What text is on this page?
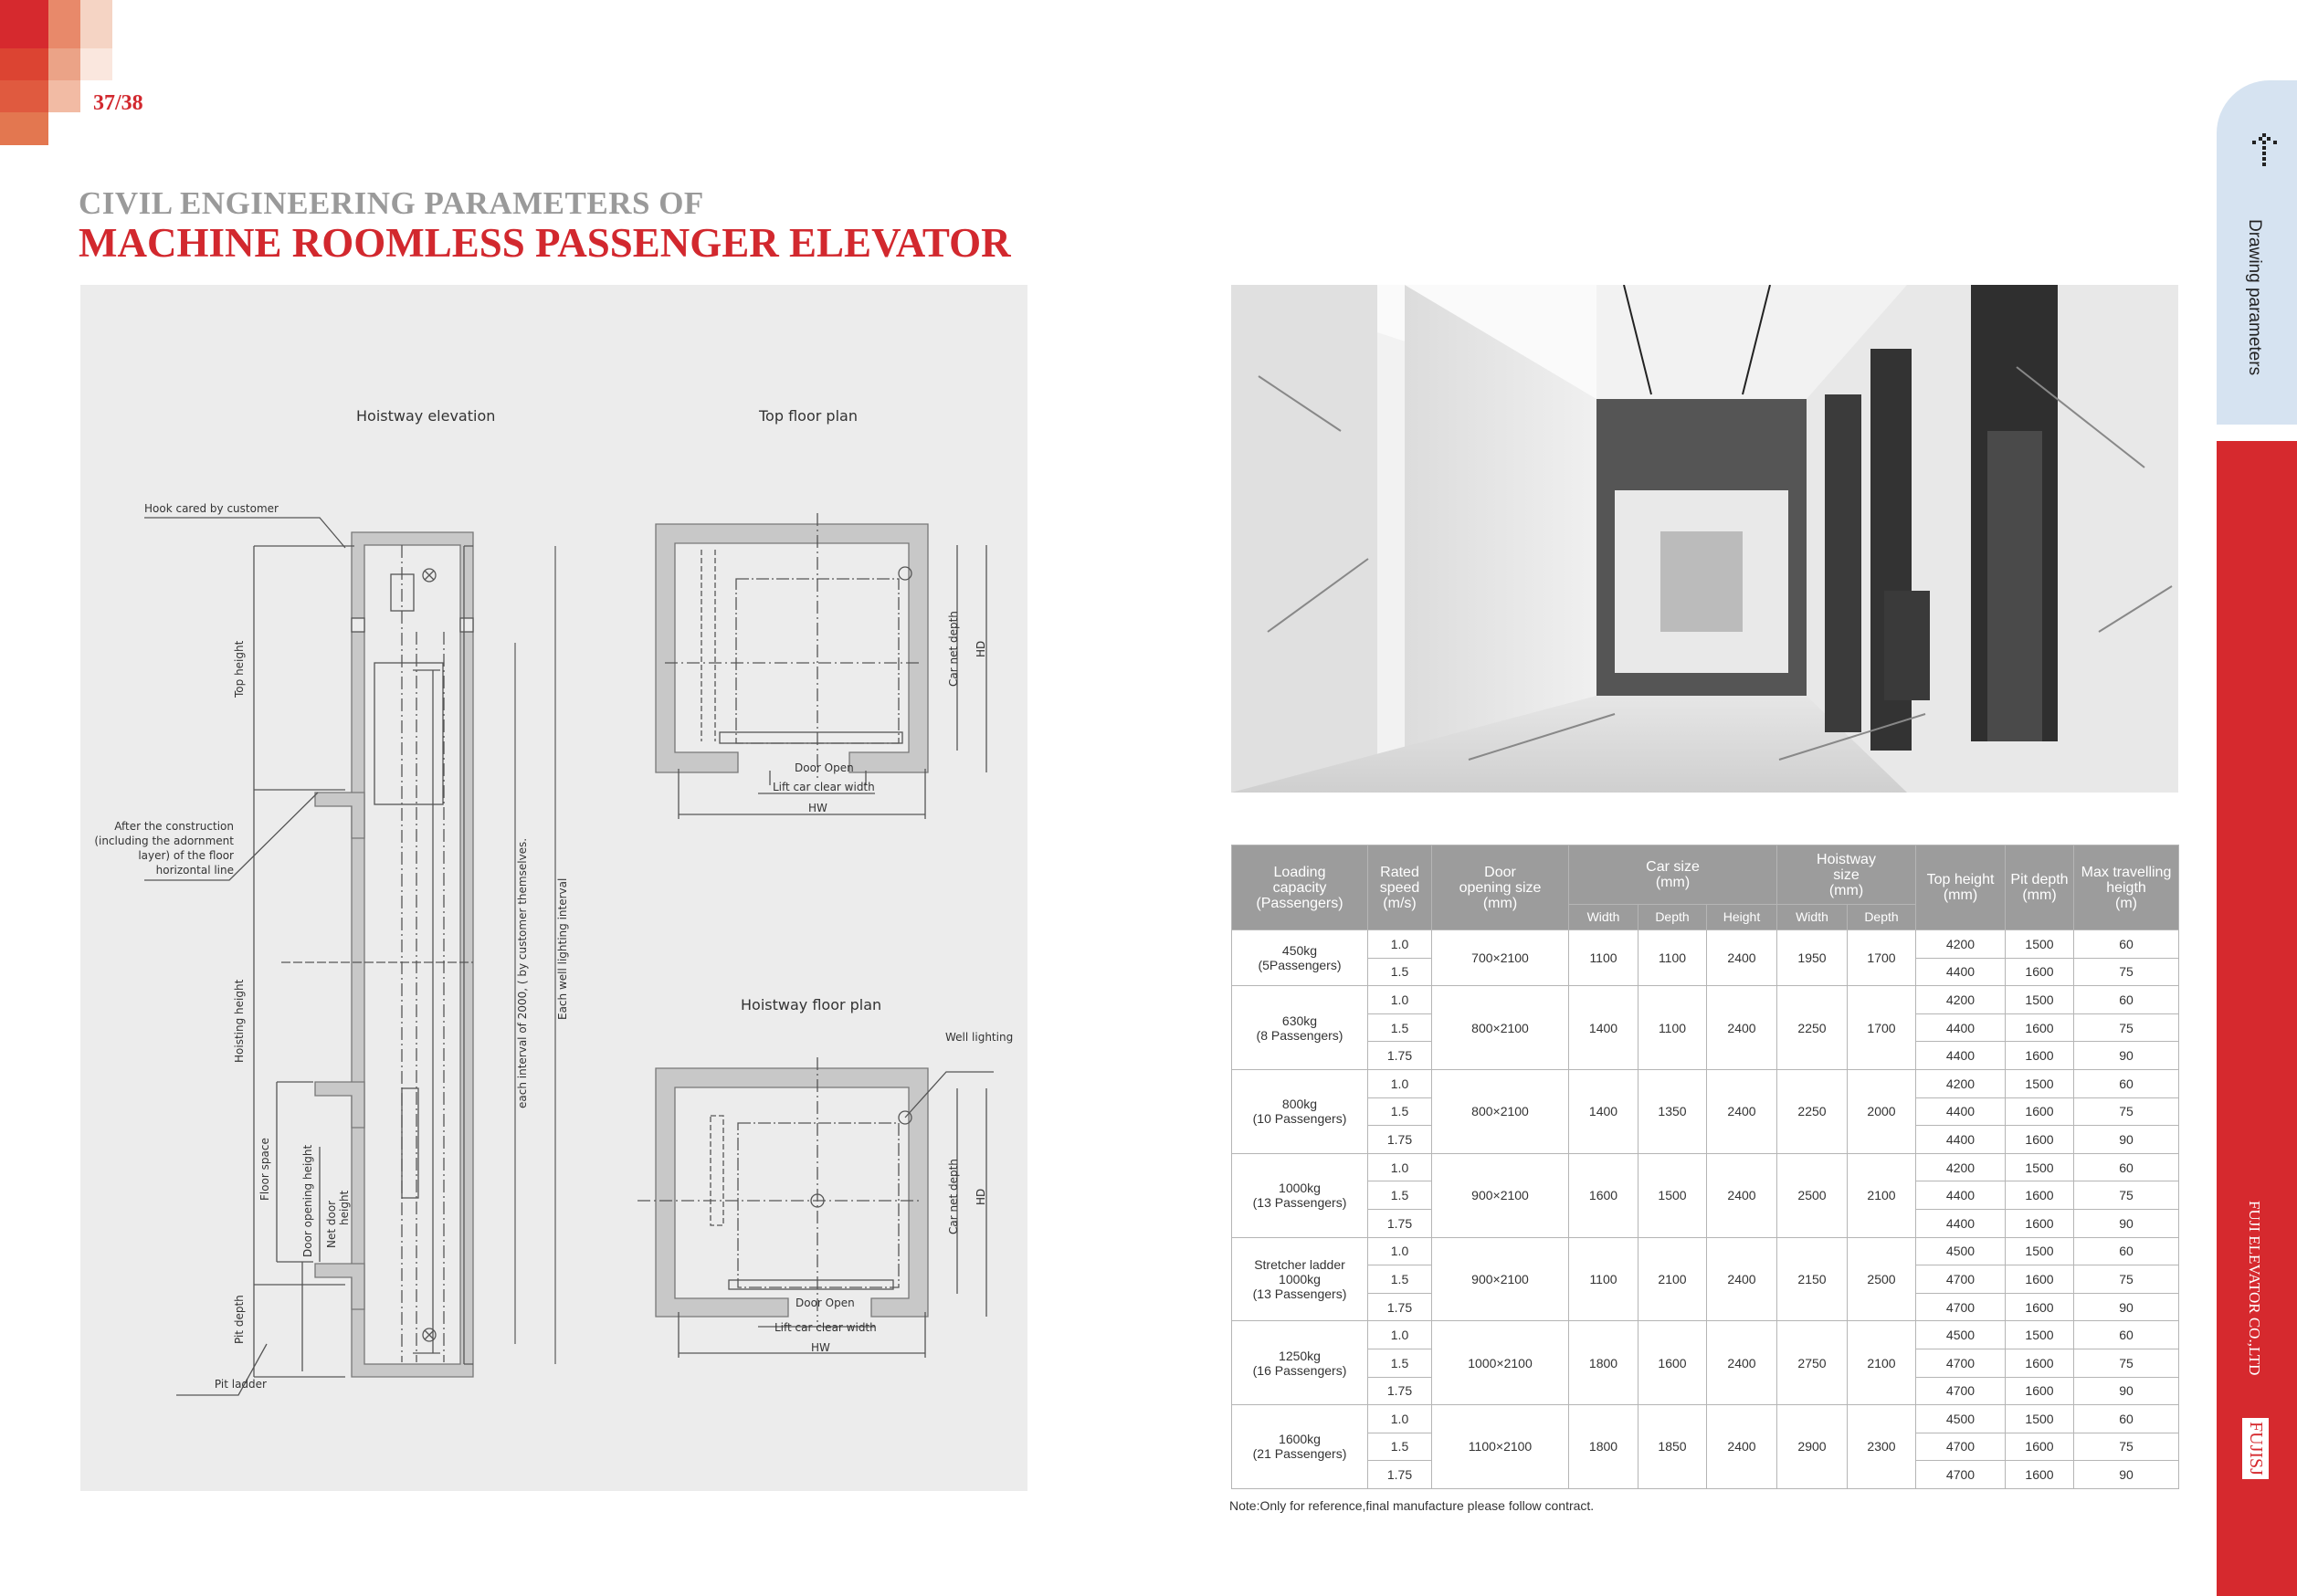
37/38
CIVIL ENGINEERING PARAMETERS OF
MACHINE ROOMLESS PASSENGER ELEVATOR
Hoistway elevation	Top floor plan
Hoistway floor plan
Hook cared by customer
After the construction
(including the adornment
layer) of the floor
horizontal line
Top height
Hoisting height
Floor space	Door opening height Net door height
Pit depth
Pit ladder
each interval of 2000, ( by customer themselves.	Each well lighting interval
Door Open
Lift car clear width
HW
Car net depth HD
Door Open
Lift car clear width
HW
Well lighting
Car net depth HD
Loading
capacity
(Passengers)	Rated
speed
(m/s)	Door
opening size
(mm)	Car size
(mm)			Hoistway
size
(mm)		Top height
(mm)	Pit depth
(mm)	Max travelling
heigth
(m)
			Width	Depth	Height	Width	Depth			
450kg
(5Passengers)	1.0	700×2100	1100	1100	2400	1950	1700	4200	1500	60
	1.5							4400	1600	75
630kg
(8 Passengers)	1.0	800×2100	1400	1100	2400	2250	1700	4200	1500	60
	1.5							4400	1600	75
	1.75							4400	1600	90
800kg
(10 Passengers)	1.0	800×2100	1400	1350	2400	2250	2000	4200	1500	60
	1.5							4400	1600	75
	1.75							4400	1600	90
1000kg
(13 Passengers)	1.0	900×2100	1600	1500	2400	2500	2100	4200	1500	60
	1.5							4400	1600	75
	1.75							4400	1600	90
Stretcher ladder
1000kg
(13 Passengers)	1.0	900×2100	1100	2100	2400	2150	2500	4500	1500	60
	1.5							4700	1600	75
	1.75							4700	1600	90
1250kg
(16 Passengers)	1.0	1000×2100	1800	1600	2400	2750	2100	4500	1500	60
	1.5							4700	1600	75
	1.75							4700	1600	90
1600kg
(21 Passengers)	1.0	1100×2100	1800	1850	2400	2900	2300	4500	1500	60
	1.5							4700	1600	75
	1.75							4700	1600	90
Note:Only for reference,final manufacture please follow contract.
Drawing parameters
FUJI ELEVATOR CO.,LTD
FUJISJ
